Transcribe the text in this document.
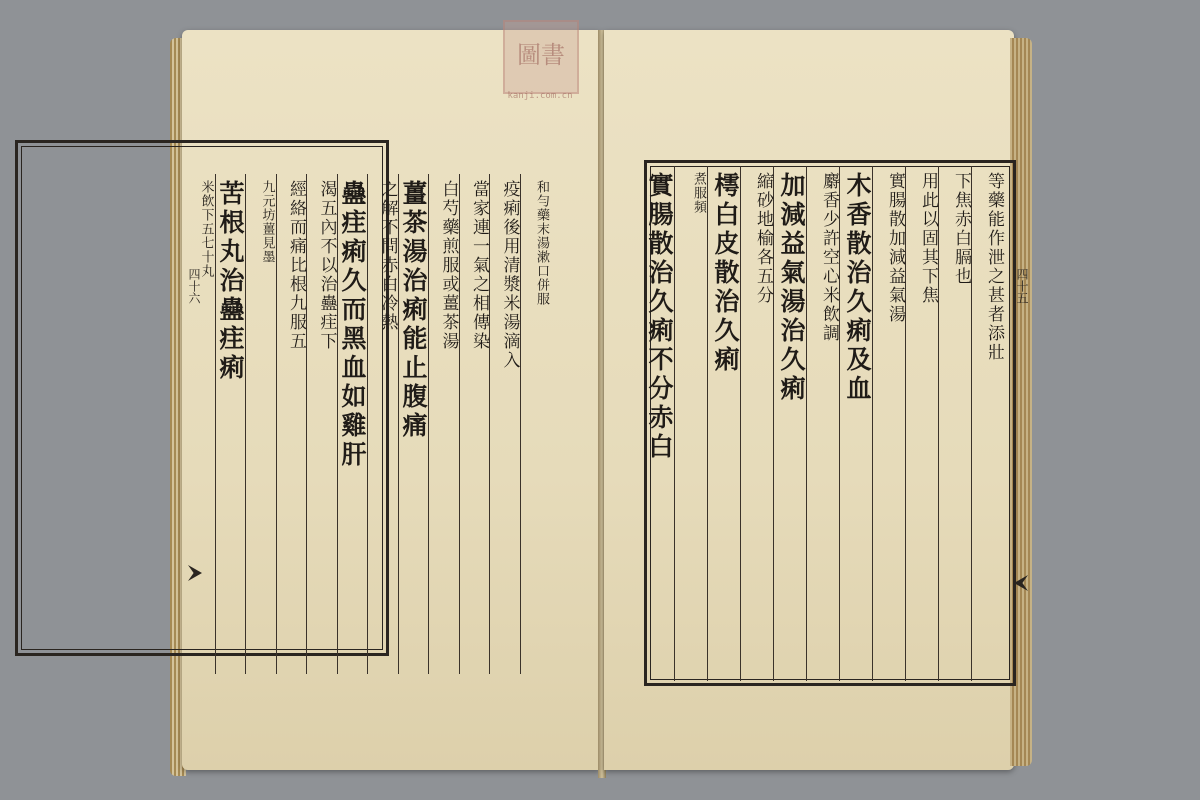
和勻藥末湯漱口併服
疫痢後用清漿米湯滴入
當家連一氣之相傳染
白芍藥煎服或薑茶湯
薑茶湯治痢能止腹痛
之解不問赤白冷熱
蠱疰痢久而黑血如雞肝
渴五內不以治蠱疰下
經絡而痛比根九服五
九元坊薑見墨
苦根丸治蠱疰痢
米飲下五七十丸	等藥能作泄之甚者添壯
下焦赤白膈也
用此以固其下焦
實腸散加減益氣湯
木香散治久痢及血
麝香少許空心米飲調
加減益氣湯治久痢
縮砂地榆各五分
樗白皮散治久痢
煮服頻
實腸散治久痢不分赤白
四十六	四十五
圖書
kanji.com.cn
